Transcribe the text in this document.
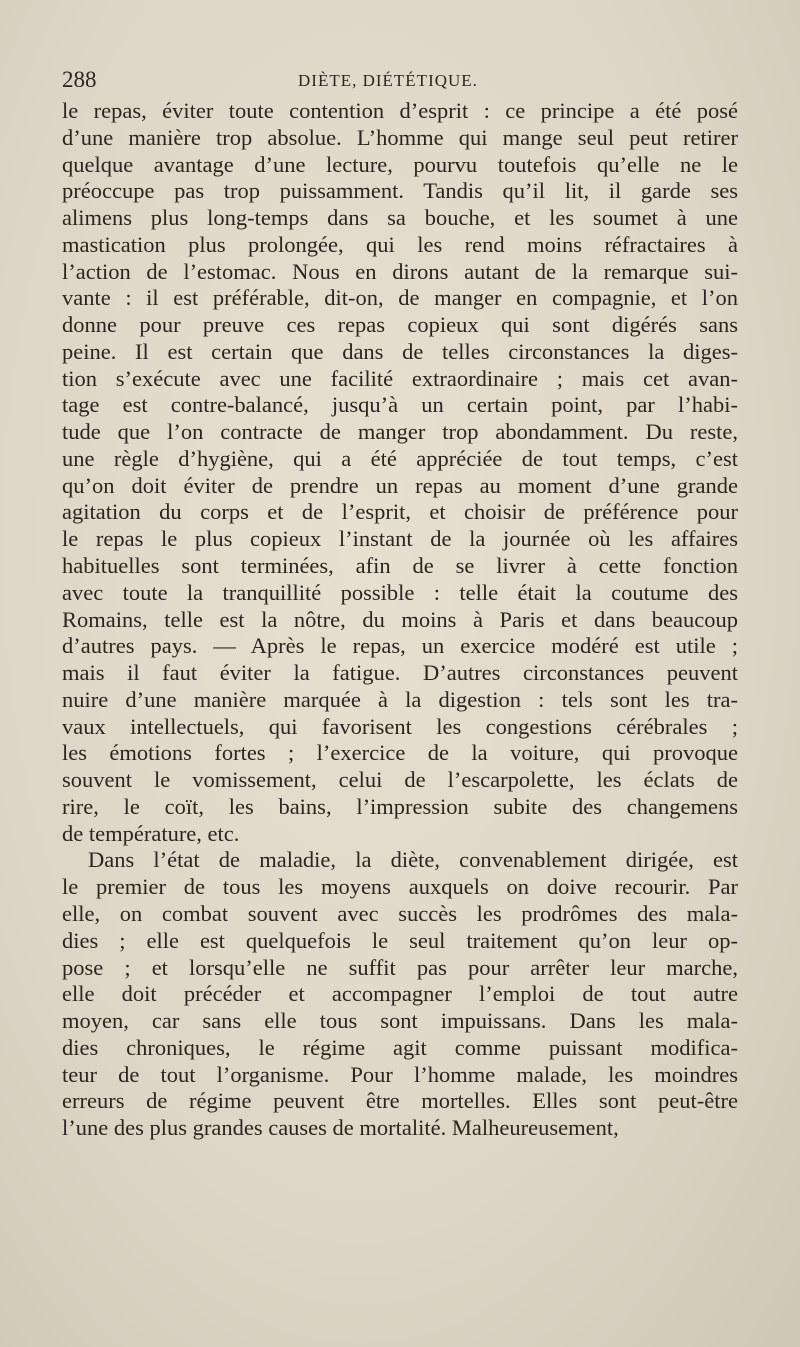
288	DIÈTE, DIÉTÉTIQUE.
le repas, éviter toute contention d’esprit : ce principe a été posé
d’une manière trop absolue. L’homme qui mange seul peut retirer
quelque avantage d’une lecture, pourvu toutefois qu’elle ne le
préoccupe pas trop puissamment. Tandis qu’il lit, il garde ses
alimens plus long-temps dans sa bouche, et les soumet à une
mastication plus prolongée, qui les rend moins réfractaires à
l’action de l’estomac. Nous en dirons autant de la remarque sui-
vante : il est préférable, dit-on, de manger en compagnie, et l’on
donne pour preuve ces repas copieux qui sont digérés sans
peine. Il est certain que dans de telles circonstances la diges-
tion s’exécute avec une facilité extraordinaire ; mais cet avan-
tage est contre-balancé, jusqu’à un certain point, par l’habi-
tude que l’on contracte de manger trop abondamment. Du reste,
une règle d’hygiène, qui a été appréciée de tout temps, c’est
qu’on doit éviter de prendre un repas au moment d’une grande
agitation du corps et de l’esprit, et choisir de préférence pour
le repas le plus copieux l’instant de la journée où les affaires
habituelles sont terminées, afin de se livrer à cette fonction
avec toute la tranquillité possible : telle était la coutume des
Romains, telle est la nôtre, du moins à Paris et dans beaucoup
d’autres pays. — Après le repas, un exercice modéré est utile ;
mais il faut éviter la fatigue. D’autres circonstances peuvent
nuire d’une manière marquée à la digestion : tels sont les tra-
vaux intellectuels, qui favorisent les congestions cérébrales ;
les émotions fortes ; l’exercice de la voiture, qui provoque
souvent le vomissement, celui de l’escarpolette, les éclats de
rire, le coït, les bains, l’impression subite des changemens
de température, etc.
Dans l’état de maladie, la diète, convenablement dirigée, est
le premier de tous les moyens auxquels on doive recourir. Par
elle, on combat souvent avec succès les prodrômes des mala-
dies ; elle est quelquefois le seul traitement qu’on leur op-
pose ; et lorsqu’elle ne suffit pas pour arrêter leur marche,
elle doit précéder et accompagner l’emploi de tout autre
moyen, car sans elle tous sont impuissans. Dans les mala-
dies chroniques, le régime agit comme puissant modifica-
teur de tout l’organisme. Pour l’homme malade, les moindres
erreurs de régime peuvent être mortelles. Elles sont peut-être
l’une des plus grandes causes de mortalité. Malheureusement,
